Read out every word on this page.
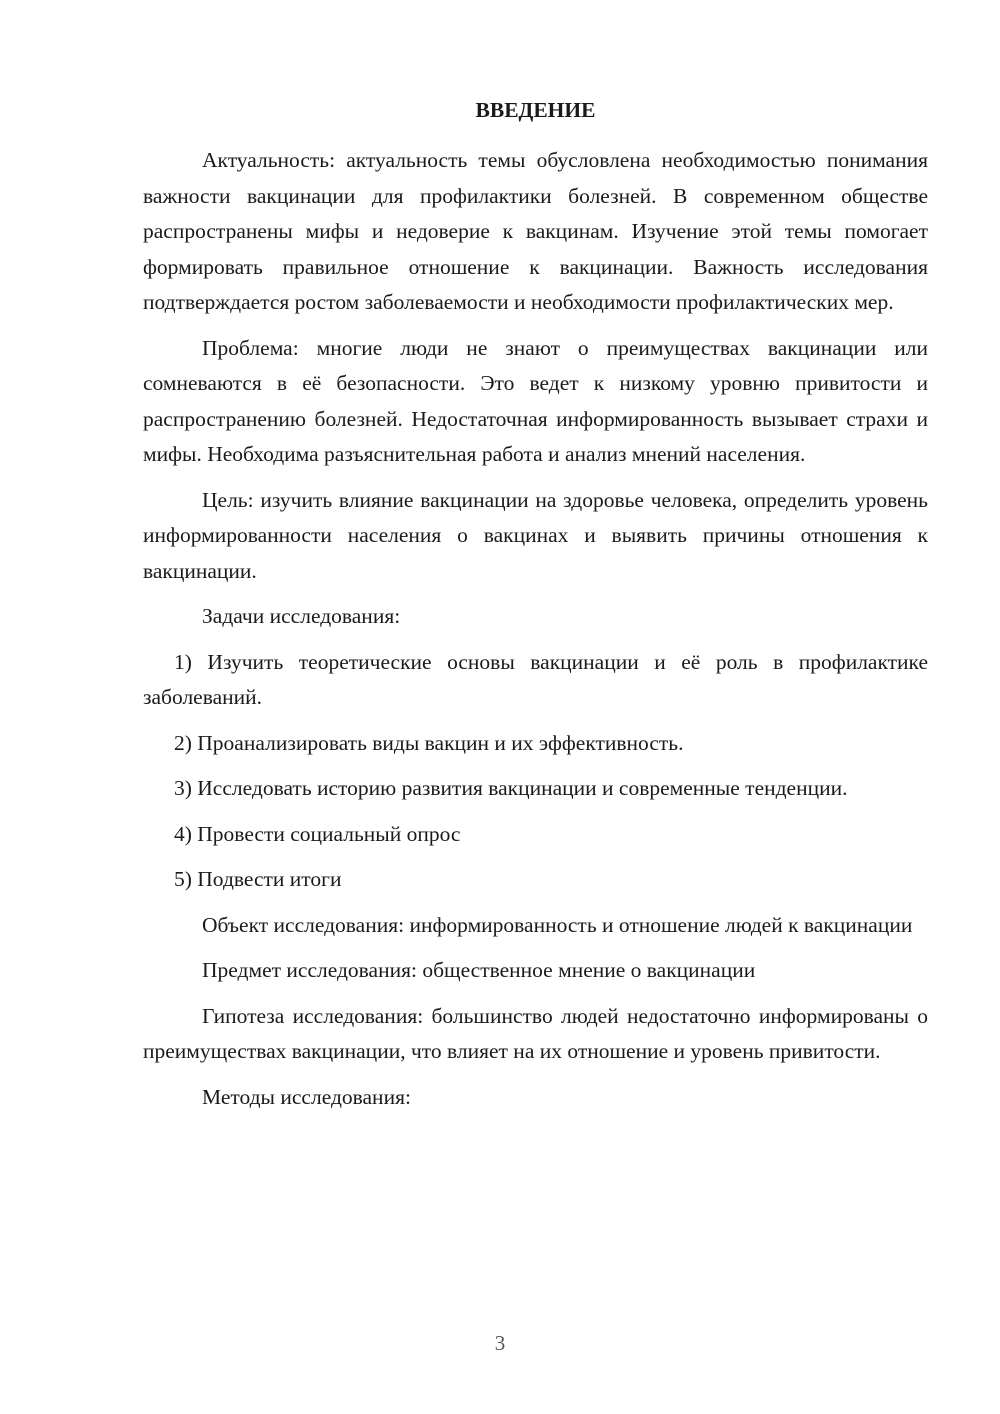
ВВЕДЕНИЕ

Актуальность: актуальность темы обусловлена необходимостью понимания важности вакцинации для профилактики болезней. В современном обществе распространены мифы и недоверие к вакцинам. Изучение этой темы помогает формировать правильное отношение к вакцинации. Важность исследования подтверждается ростом заболеваемости и необходимости профилактических мер.

Проблема: многие люди не знают о преимуществах вакцинации или сомневаются в её безопасности. Это ведет к низкому уровню привитости и распространению болезней. Недостаточная информированность вызывает страхи и мифы. Необходима разъяснительная работа и анализ мнений населения.

Цель: изучить влияние вакцинации на здоровье человека, определить уровень информированности населения о вакцинах и выявить причины отношения к вакцинации.

Задачи исследования:

1) Изучить теоретические основы вакцинации и её роль в профилактике заболеваний.

2) Проанализировать виды вакцин и их эффективность.

3) Исследовать историю развития вакцинации и современные тенденции.

4) Провести социальный опрос

5) Подвести итоги

Объект исследования: информированность и отношение людей к вакцинации

Предмет исследования: общественное мнение о вакцинации

Гипотеза исследования: большинство людей недостаточно информированы о преимуществах вакцинации, что влияет на их отношение и уровень привитости.

Методы исследования:

3
